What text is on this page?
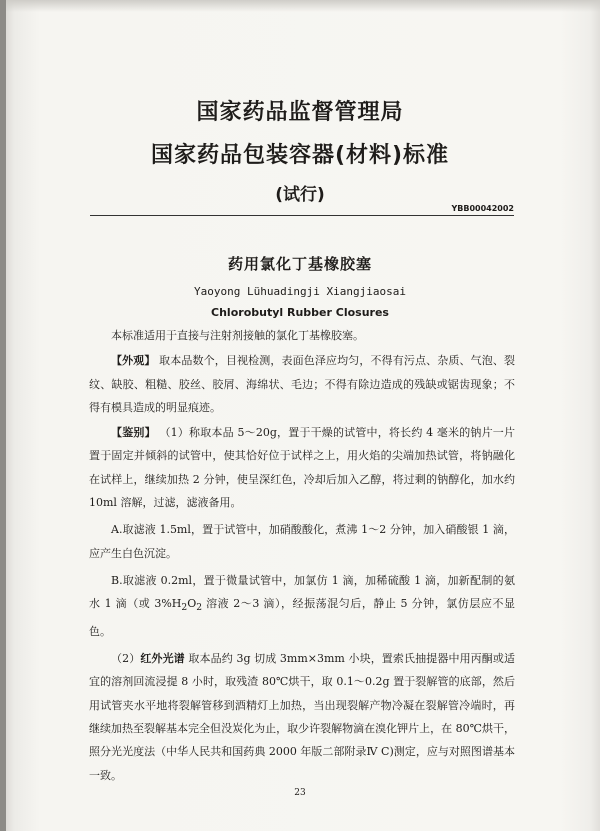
国家药品监督管理局
国家药品包装容器(材料)标准
(试行)
YBB00042002
药用氯化丁基橡胶塞
Yaoyong Lühuadingji Xiangjiaosai
Chlorobutyl Rubber Closures

本标准适用于直接与注射剂接触的氯化丁基橡胶塞。

【外观】 取本品数个，目视检测，表面色泽应均匀，不得有污点、杂质、气泡、裂纹、缺胶、粗糙、胶丝、胶屑、海绵状、毛边；不得有除边造成的残缺或锯齿现象；不得有模具造成的明显痕迹。

【鉴别】 （1）称取本品 5～20g，置于干燥的试管中，将长约 4 毫米的钠片一片置于固定并倾斜的试管中，使其恰好位于试样之上，用火焰的尖端加热试管，将钠融化在试样上，继续加热 2 分钟，使呈深红色，冷却后加入乙醇，将过剩的钠醇化，加水约 10ml 溶解，过滤，滤液备用。

A.取滤液 1.5ml，置于试管中，加硝酸酸化，煮沸 1～2 分钟，加入硝酸银 1 滴，应产生白色沉淀。

B.取滤液 0.2ml，置于微量试管中，加氯仿 1 滴，加稀硫酸 1 滴，加新配制的氨水 1 滴（或 $3\%H_2O_2$ 溶液 2～3 滴），经振荡混匀后，静止 5 分钟，氯仿层应不显色。

（2）红外光谱 取本品约 3g 切成 3mm×3mm 小块，置索氏抽提器中用丙酮或适宜的溶剂回流浸提 8 小时，取残渣 80℃烘干，取 0.1～0.2g 置于裂解管的底部，然后用试管夹水平地将裂解管移到酒精灯上加热，当出现裂解产物冷凝在裂解管冷端时，再继续加热至裂解基本完全但没炭化为止，取少许裂解物滴在溴化钾片上，在 80℃烘干，照分光光度法（中华人民共和国药典 2000 年版二部附录Ⅳ C)测定，应与对照图谱基本一致。

23
